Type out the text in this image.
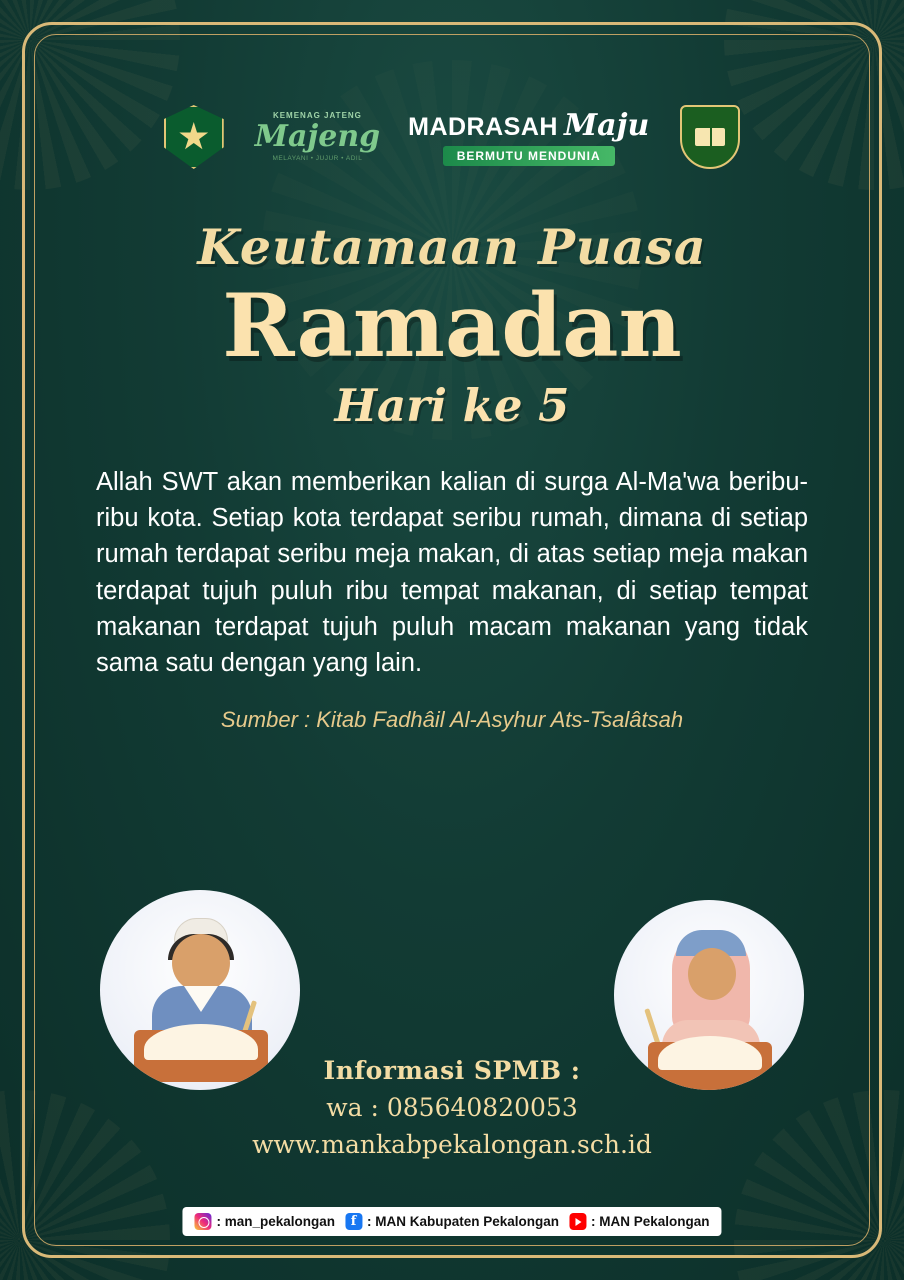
KEMENAG JATENG
Majeng
MELAYANI • JUJUR • ADIL
MADRASAH Maju
BERMUTU MENDUNIA
Keutamaan Puasa
Ramadan
Hari ke 5
Allah SWT akan memberikan kalian di surga Al-Ma'wa beribu-ribu kota. Setiap kota terdapat seribu rumah, dimana di setiap rumah terdapat seribu meja makan, di atas setiap meja makan terdapat tujuh puluh ribu tempat makanan, di setiap tempat makanan terdapat tujuh puluh macam makanan yang tidak sama satu dengan yang lain.
Sumber : Kitab Fadhâil Al-Asyhur Ats-Tsalâtsah
Informasi SPMB :
wa : 085640820053
www.mankabpekalongan.sch.id
: man_pekalongan	f : MAN Kabupaten Pekalongan : MAN Pekalongan
